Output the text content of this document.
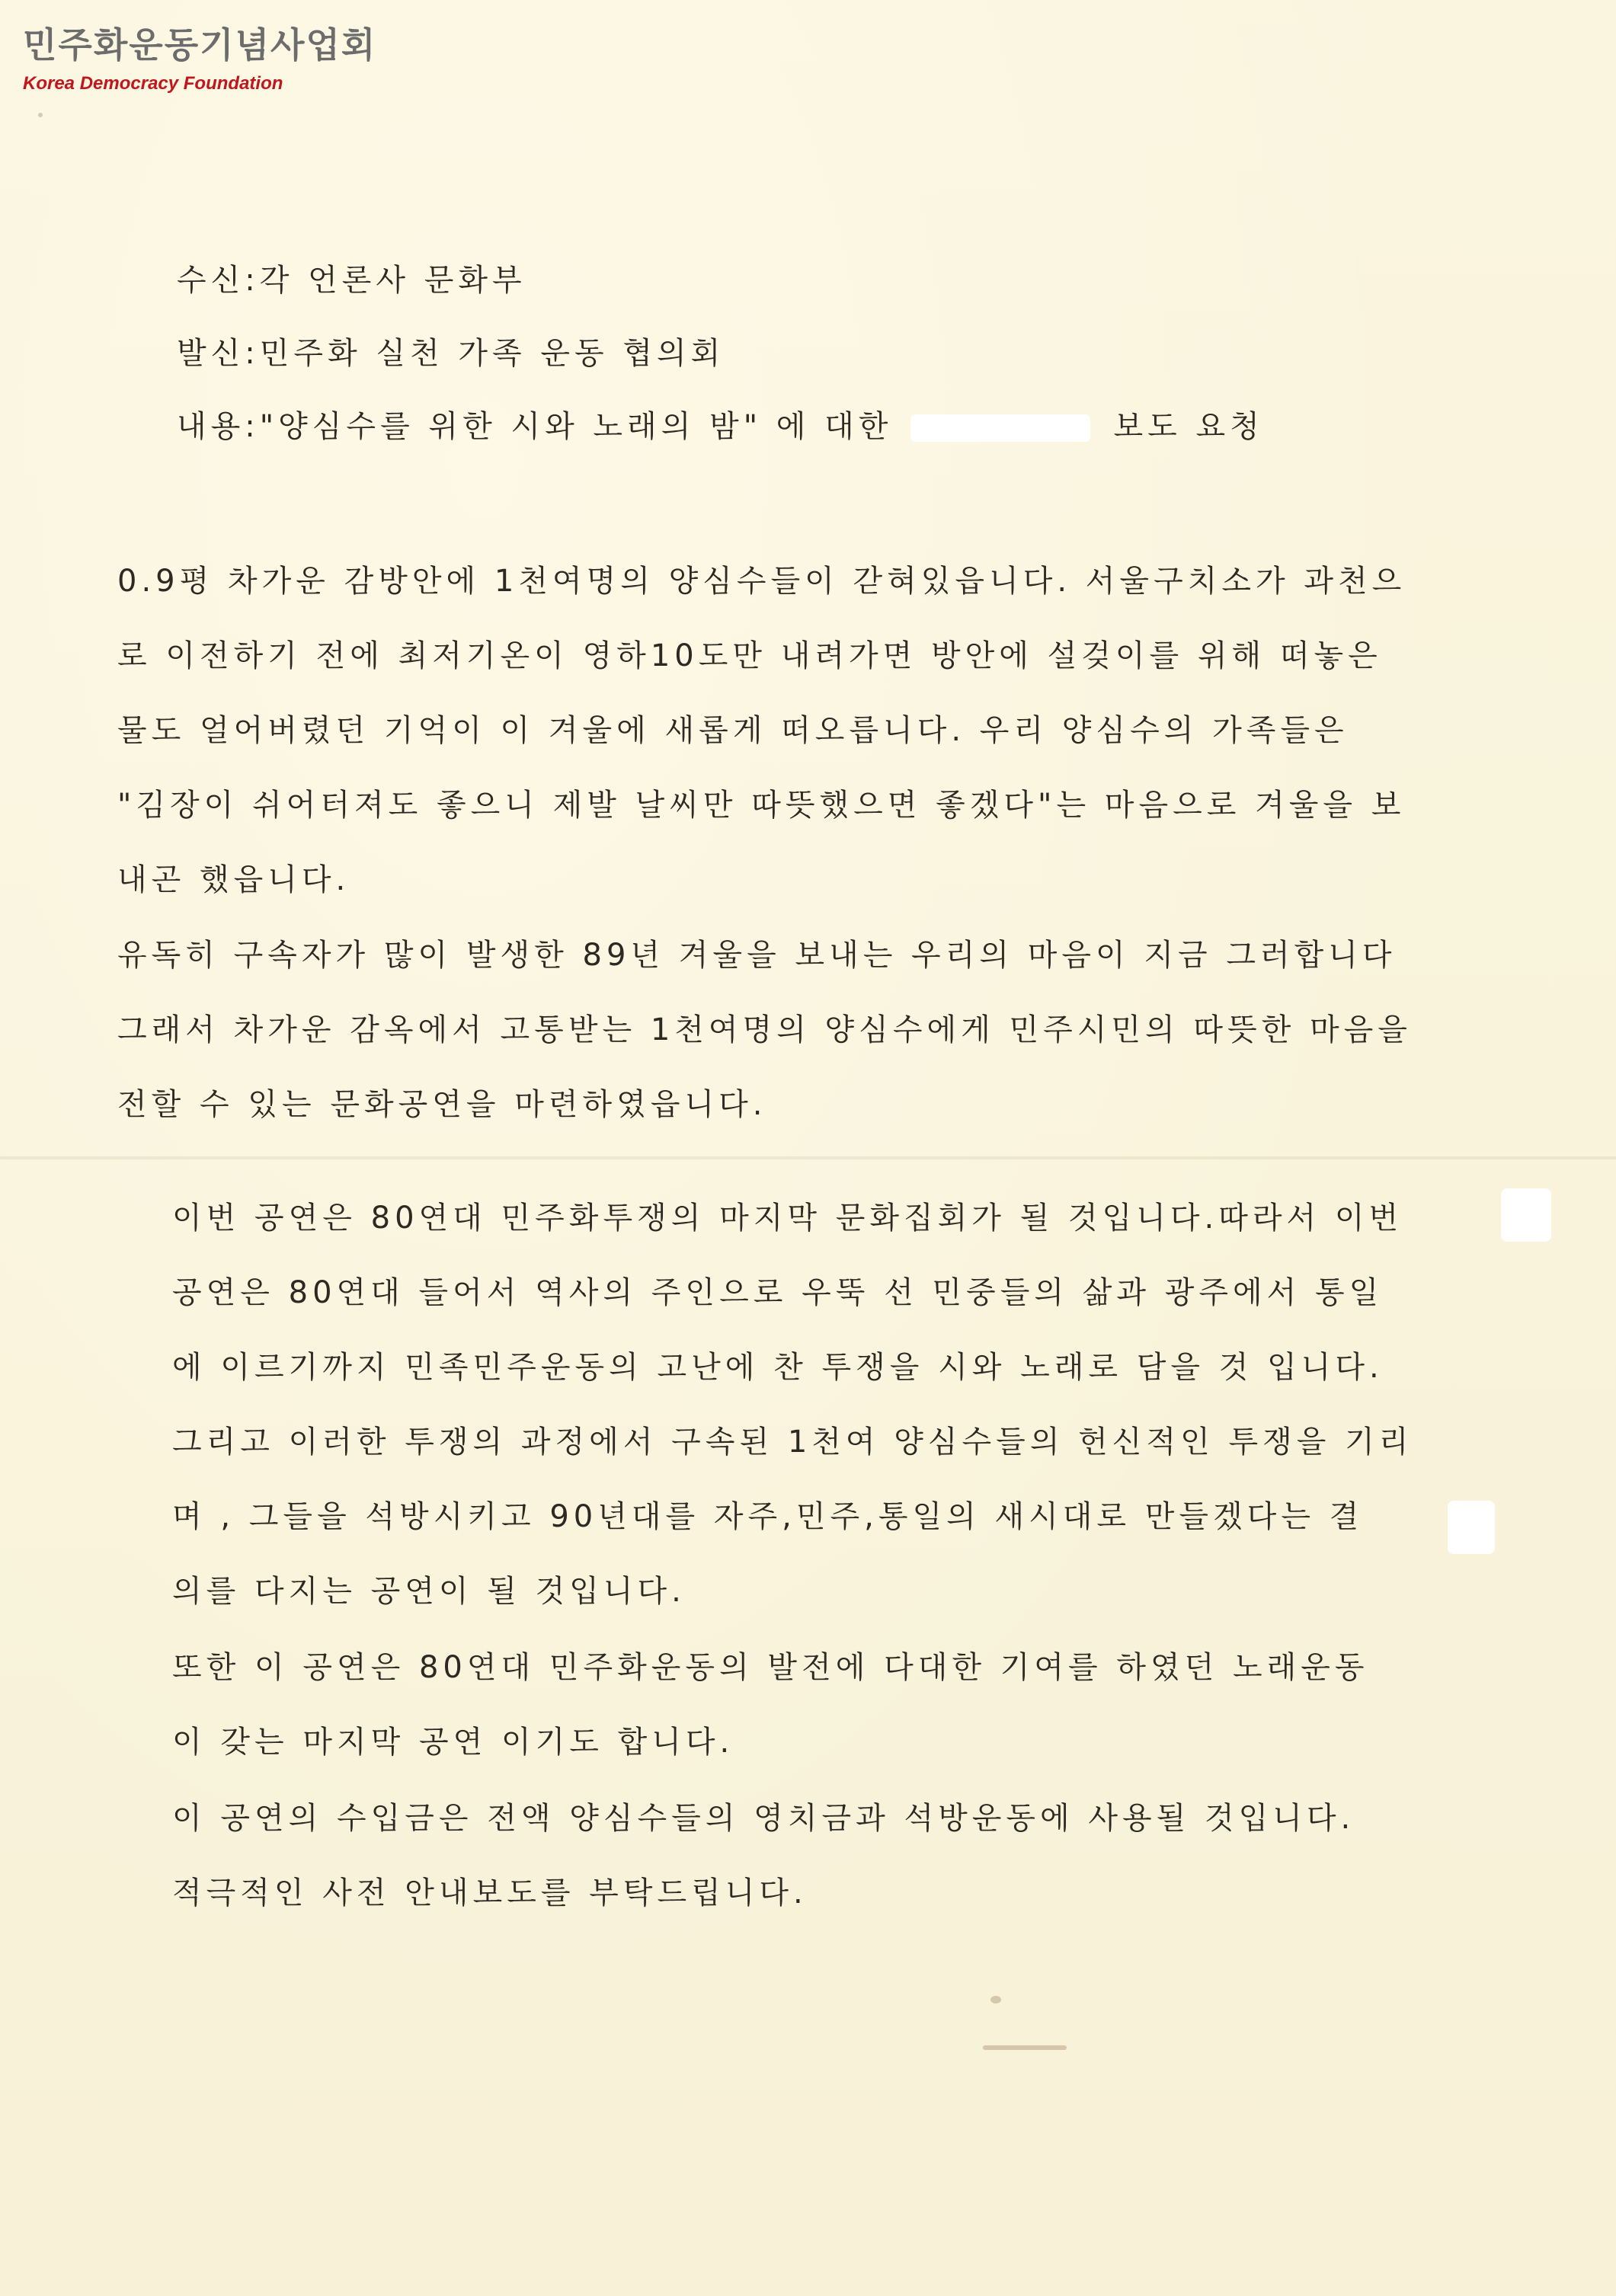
민주화운동기념사업회
Korea Democracy Foundation
수신:각 언론사 문화부
발신:민주화 실천 가족 운동 협의회
내용:"양심수를 위한 시와 노래의 밤" 에 대한	보도 요청
0.9평 차가운 감방안에 1천여명의 양심수들이 갇혀있읍니다. 서울구치소가 과천으
로 이전하기 전에 최저기온이 영하10도만 내려가면 방안에 설겆이를 위해 떠놓은
물도 얼어버렸던 기억이 이 겨울에 새롭게 떠오릅니다. 우리 양심수의 가족들은
"김장이 쉬어터져도 좋으니 제발 날씨만 따뜻했으면 좋겠다"는 마음으로 겨울을 보
내곤 했읍니다.
유독히 구속자가 많이 발생한 89년 겨울을 보내는 우리의 마음이 지금 그러합니다
그래서 차가운 감옥에서 고통받는 1천여명의 양심수에게 민주시민의 따뜻한 마음을
전할 수 있는 문화공연을 마련하였읍니다.
이번 공연은 80연대 민주화투쟁의 마지막 문화집회가 될 것입니다.따라서 이번
공연은 80연대 들어서 역사의 주인으로 우뚝 선 민중들의 삶과 광주에서 통일
에 이르기까지 민족민주운동의 고난에 찬 투쟁을 시와 노래로 담을 것 입니다.
그리고 이러한 투쟁의 과정에서 구속된 1천여 양심수들의 헌신적인 투쟁을 기리
며 , 그들을 석방시키고 90년대를 자주,민주,통일의 새시대로 만들겠다는 결
의를 다지는 공연이 될 것입니다.
또한 이 공연은 80연대 민주화운동의 발전에 다대한 기여를 하였던 노래운동
이 갖는 마지막 공연 이기도 합니다.
이 공연의 수입금은 전액 양심수들의 영치금과 석방운동에 사용될 것입니다.
적극적인 사전 안내보도를 부탁드립니다.
